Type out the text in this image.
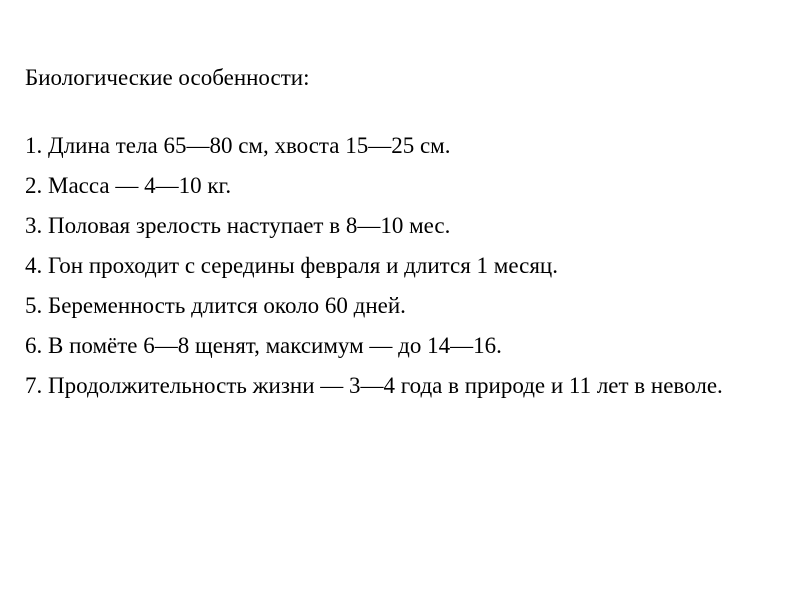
Биологические особенности:
1. Длина тела 65—80 см, хвоста 15—25 см.
2. Масса — 4—10 кг.
3. Половая зрелость наступает в 8—10 мес.
4. Гон проходит с середины февраля и длится 1 месяц.
5. Беременность длится около 60 дней.
6. В помёте 6—8 щенят, максимум — до 14—16.
7. Продолжительность жизни — 3—4 года в природе и 11 лет в неволе.
